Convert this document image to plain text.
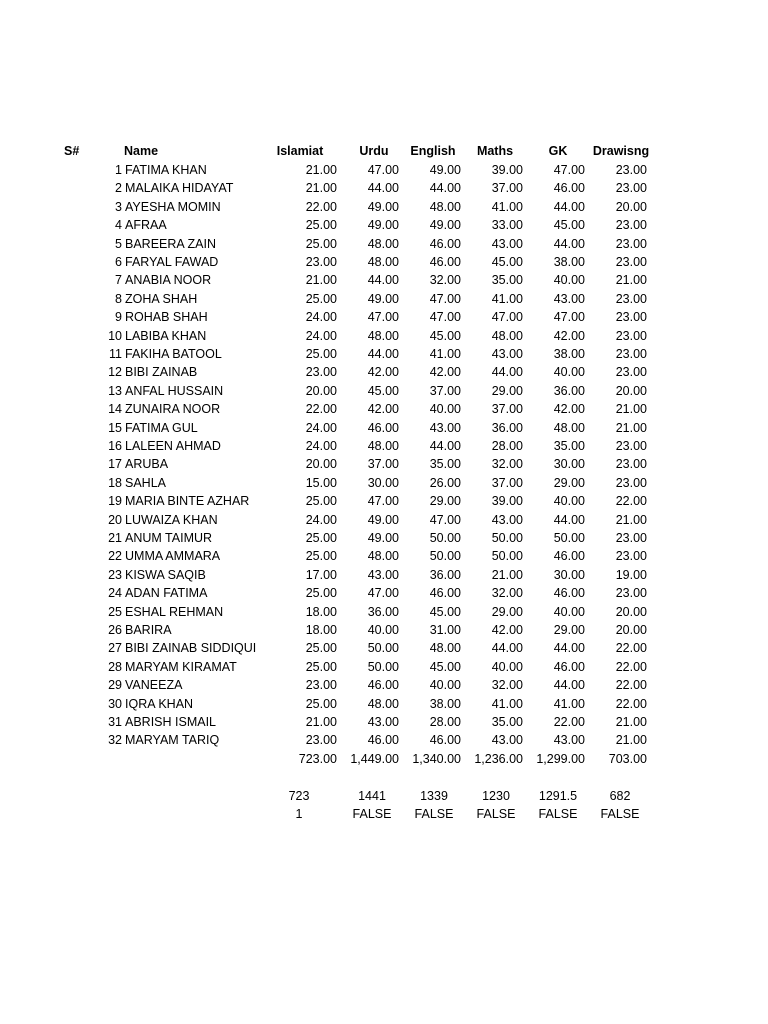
S#	Name	Islamiat	Urdu	English	Maths	GK	Drawisng
1 FATIMA KHAN	21.00	47.00	49.00	39.00	47.00	23.00
2 MALAIKA HIDAYAT	21.00	44.00	44.00	37.00	46.00	23.00
3 AYESHA MOMIN	22.00	49.00	48.00	41.00	44.00	20.00
4 AFRAA	25.00	49.00	49.00	33.00	45.00	23.00
5 BAREERA ZAIN	25.00	48.00	46.00	43.00	44.00	23.00
6 FARYAL FAWAD	23.00	48.00	46.00	45.00	38.00	23.00
7 ANABIA NOOR	21.00	44.00	32.00	35.00	40.00	21.00
8 ZOHA SHAH	25.00	49.00	47.00	41.00	43.00	23.00
9 ROHAB SHAH	24.00	47.00	47.00	47.00	47.00	23.00
10 LABIBA KHAN	24.00	48.00	45.00	48.00	42.00	23.00
11 FAKIHA BATOOL	25.00	44.00	41.00	43.00	38.00	23.00
12 BIBI ZAINAB	23.00	42.00	42.00	44.00	40.00	23.00
13 ANFAL HUSSAIN	20.00	45.00	37.00	29.00	36.00	20.00
14 ZUNAIRA NOOR	22.00	42.00	40.00	37.00	42.00	21.00
15 FATIMA GUL	24.00	46.00	43.00	36.00	48.00	21.00
16 LALEEN AHMAD	24.00	48.00	44.00	28.00	35.00	23.00
17 ARUBA	20.00	37.00	35.00	32.00	30.00	23.00
18 SAHLA	15.00	30.00	26.00	37.00	29.00	23.00
19 MARIA BINTE AZHAR	25.00	47.00	29.00	39.00	40.00	22.00
20 LUWAIZA KHAN	24.00	49.00	47.00	43.00	44.00	21.00
21 ANUM TAIMUR	25.00	49.00	50.00	50.00	50.00	23.00
22 UMMA AMMARA	25.00	48.00	50.00	50.00	46.00	23.00
23 KISWA SAQIB	17.00	43.00	36.00	21.00	30.00	19.00
24 ADAN FATIMA	25.00	47.00	46.00	32.00	46.00	23.00
25 ESHAL REHMAN	18.00	36.00	45.00	29.00	40.00	20.00
26 BARIRA	18.00	40.00	31.00	42.00	29.00	20.00
27 BIBI ZAINAB SIDDIQUI	25.00	50.00	48.00	44.00	44.00	22.00
28 MARYAM KIRAMAT	25.00	50.00	45.00	40.00	46.00	22.00
29 VANEEZA	23.00	46.00	40.00	32.00	44.00	22.00
30 IQRA KHAN	25.00	48.00	38.00	41.00	41.00	22.00
31 ABRISH ISMAIL	21.00	43.00	28.00	35.00	22.00	21.00
32 MARYAM TARIQ	23.00	46.00	46.00	43.00	43.00	21.00
723.00	1,449.00	1,340.00	1,236.00	1,299.00	703.00
723	1441	1339	1230	1291.5	682
1	FALSE	FALSE	FALSE	FALSE	FALSE
